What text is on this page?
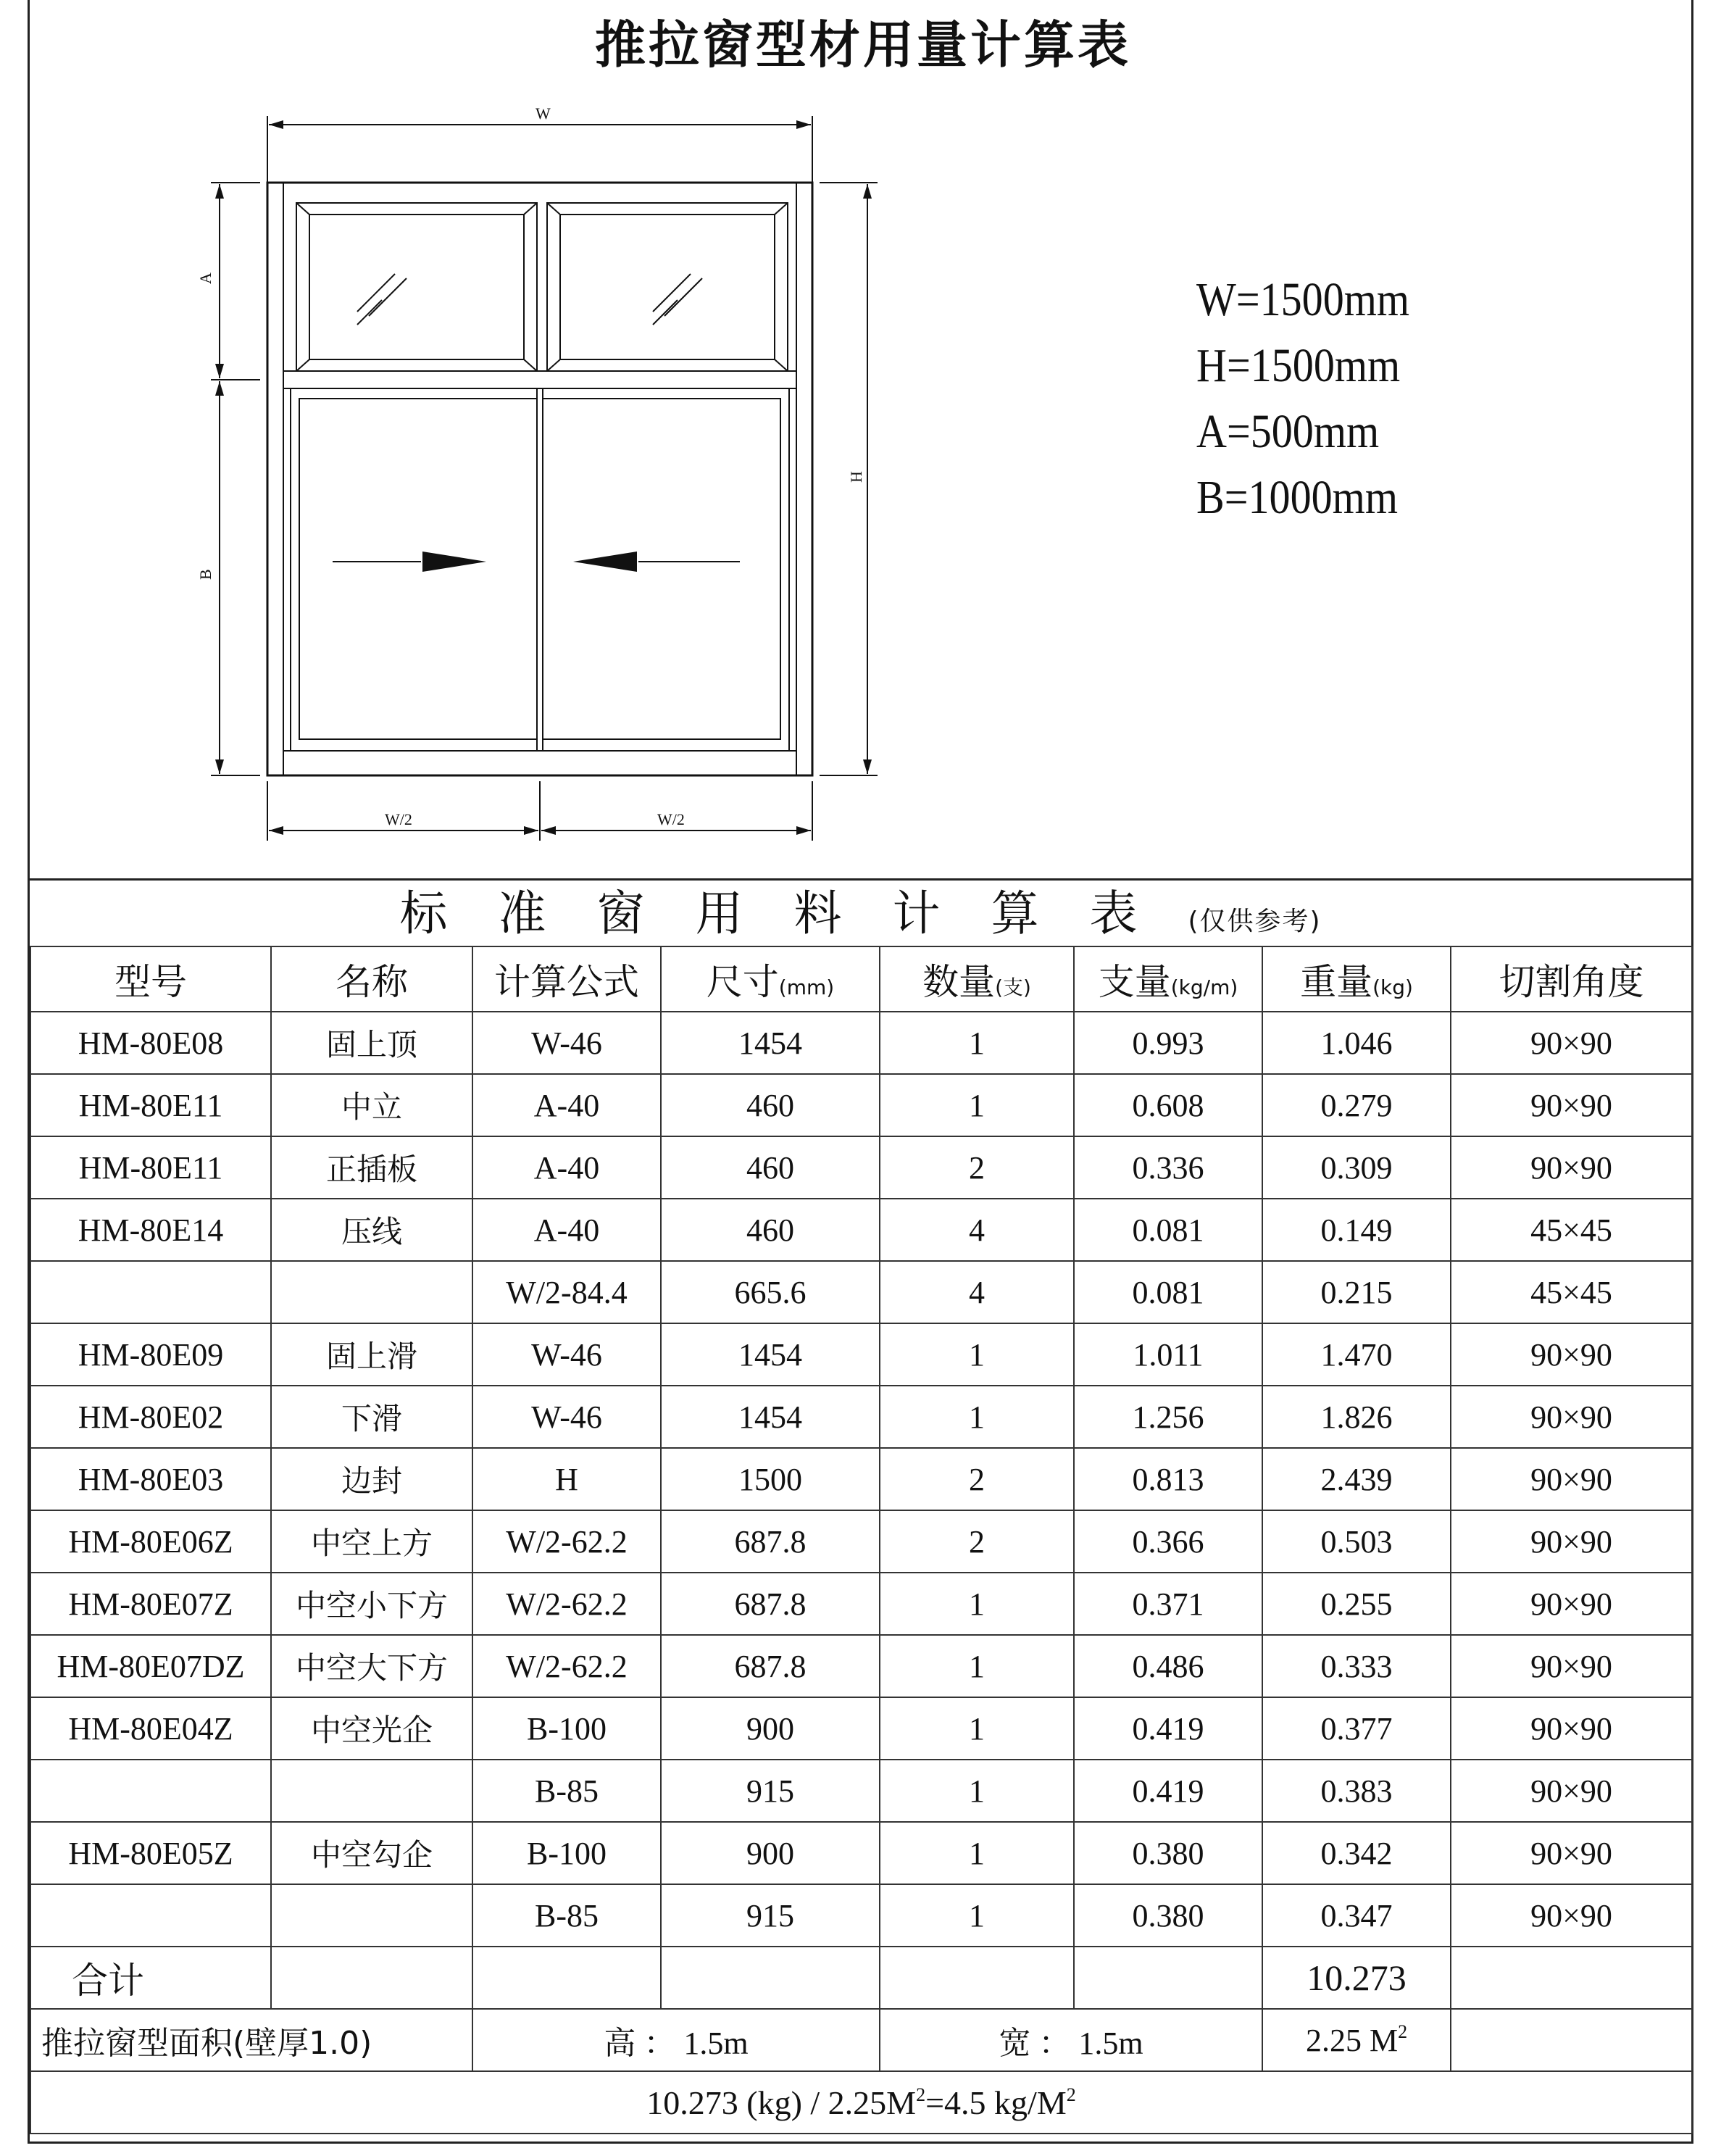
推拉窗型材用量计算表
W
A
B
H
W/2	W/2
W=1500mm
H=1500mm
A=500mm
B=1000mm
标准窗用料计算表(仅供参考)
型号	名称	计算公式	尺寸(mm)	数量(支)	支量(kg/m)	重量(kg)	切割角度
HM-80E08	固上顶	W-46	1454	1	0.993	1.046	90×90
HM-80E11	中立	A-40	460	1	0.608	0.279	90×90
HM-80E11	正插板	A-40	460	2	0.336	0.309	90×90
HM-80E14	压线	A-40	460	4	0.081	0.149	45×45
		W/2-84.4	665.6	4	0.081	0.215	45×45
HM-80E09	固上滑	W-46	1454	1	1.011	1.470	90×90
HM-80E02	下滑	W-46	1454	1	1.256	1.826	90×90
HM-80E03	边封	H	1500	2	0.813	2.439	90×90
HM-80E06Z	中空上方	W/2-62.2	687.8	2	0.366	0.503	90×90
HM-80E07Z	中空小下方	W/2-62.2	687.8	1	0.371	0.255	90×90
HM-80E07DZ	中空大下方	W/2-62.2	687.8	1	0.486	0.333	90×90
HM-80E04Z	中空光企	B-100	900	1	0.419	0.377	90×90
		B-85	915	1	0.419	0.383	90×90
HM-80E05Z	中空勾企	B-100	900	1	0.380	0.342	90×90
		B-85	915	1	0.380	0.347	90×90
合计						10.273	
推拉窗型面积(壁厚1.0)		高 ： 1.5m		宽 ： 1.5m		2.25 $M^2$	
10.273 $(kg) / 2.25M^2=4.5$ $kg/M^2$
